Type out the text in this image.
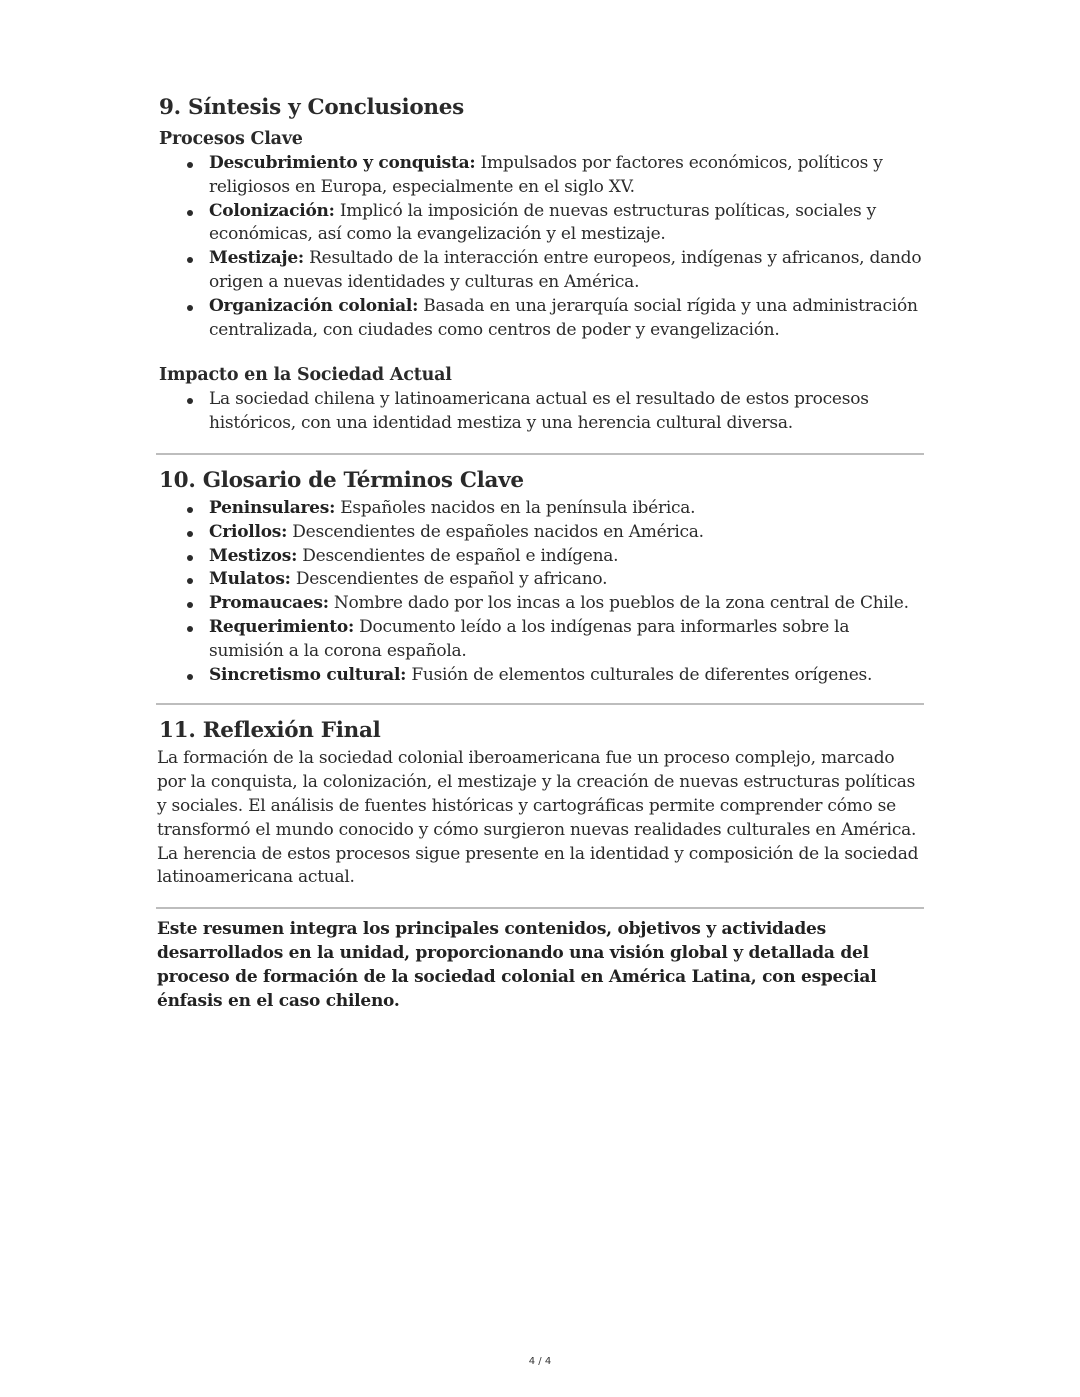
9. Síntesis y Conclusiones
Procesos Clave
Descubrimiento y conquista: Impulsados por factores económicos, políticos y religiosos en Europa, especialmente en el siglo XV.
Colonización: Implicó la imposición de nuevas estructuras políticas, sociales y económicas, así como la evangelización y el mestizaje.
Mestizaje: Resultado de la interacción entre europeos, indígenas y africanos, dando origen a nuevas identidades y culturas en América.
Organización colonial: Basada en una jerarquía social rígida y una administración centralizada, con ciudades como centros de poder y evangelización.
Impacto en la Sociedad Actual
La sociedad chilena y latinoamericana actual es el resultado de estos procesos históricos, con una identidad mestiza y una herencia cultural diversa.
10. Glosario de Términos Clave
Peninsulares: Españoles nacidos en la península ibérica.
Criollos: Descendientes de españoles nacidos en América.
Mestizos: Descendientes de español e indígena.
Mulatos: Descendientes de español y africano.
Promaucaes: Nombre dado por los incas a los pueblos de la zona central de Chile.
Requerimiento: Documento leído a los indígenas para informarles sobre la sumisión a la corona española.
Sincretismo cultural: Fusión de elementos culturales de diferentes orígenes.
11. Reflexión Final

La formación de la sociedad colonial iberoamericana fue un proceso complejo, marcado por la conquista, la colonización, el mestizaje y la creación de nuevas estructuras políticas y sociales. El análisis de fuentes históricas y cartográficas permite comprender cómo se transformó el mundo conocido y cómo surgieron nuevas realidades culturales en América. La herencia de estos procesos sigue presente en la identidad y composición de la sociedad latinoamericana actual.

Este resumen integra los principales contenidos, objetivos y actividades desarrollados en la unidad, proporcionando una visión global y detallada del proceso de formación de la sociedad colonial en América Latina, con especial énfasis en el caso chileno.

4 / 4
